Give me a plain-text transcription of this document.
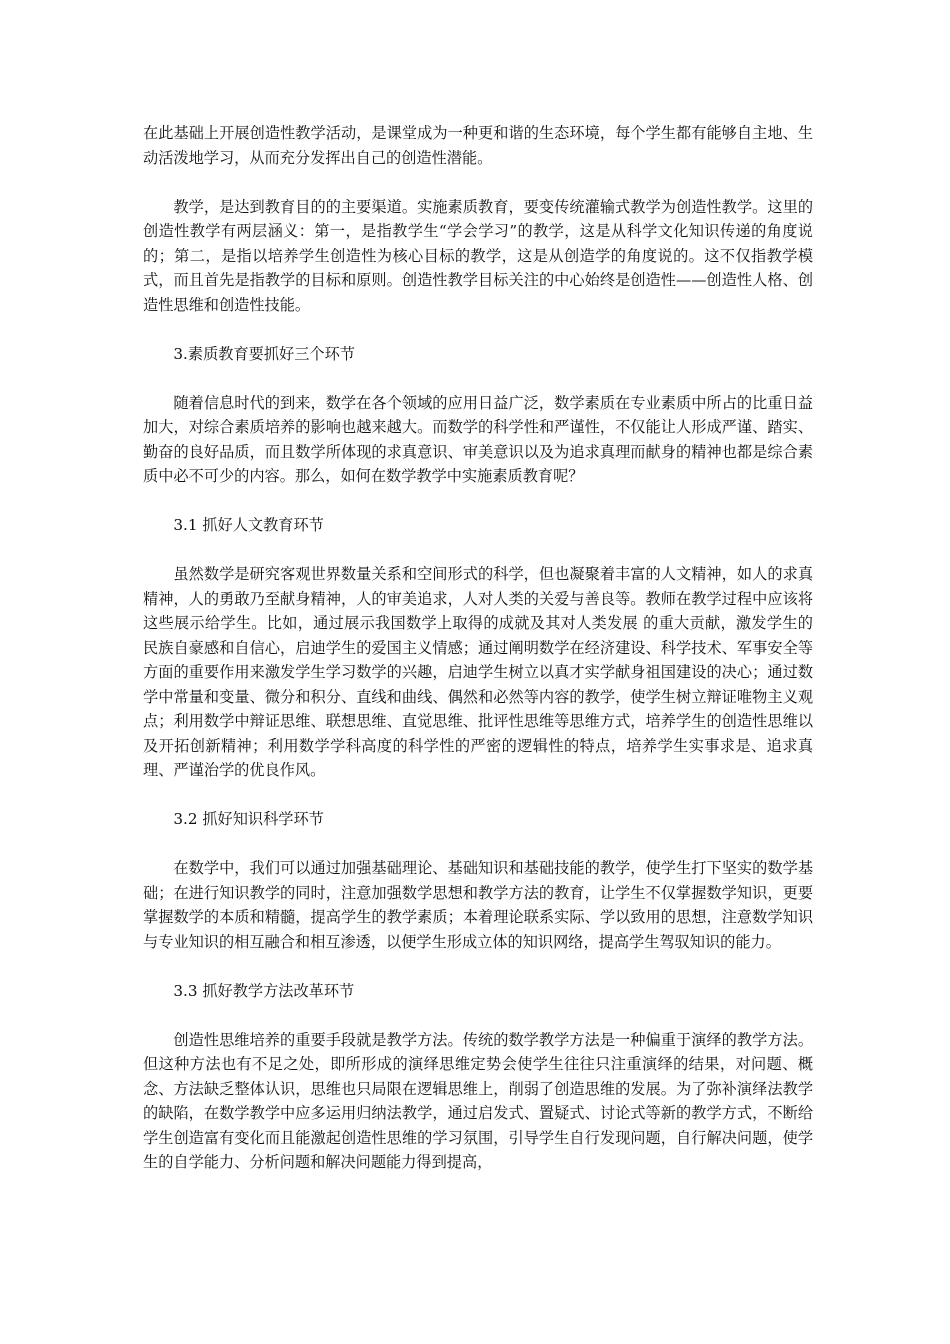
在此基础上开展创造性教学活动，是课堂成为一种更和谐的生态环境，每个学生都有能够自主地、生动活泼地学习，从而充分发挥出自己的创造性潜能。

教学，是达到教育目的的主要渠道。实施素质教育，要变传统灌输式教学为创造性教学。这里的创造性教学有两层涵义：第一，是指教学生“学会学习”的教学，这是从科学文化知识传递的角度说的；第二，是指以培养学生创造性为核心目标的教学，这是从创造学的角度说的。这不仅指教学模式，而且首先是指教学的目标和原则。创造性教学目标关注的中心始终是创造性——创造性人格、创造性思维和创造性技能。

3.素质教育要抓好三个环节

随着信息时代的到来，数学在各个领域的应用日益广泛，数学素质在专业素质中所占的比重日益加大，对综合素质培养的影响也越来越大。而数学的科学性和严谨性，不仅能让人形成严谨、踏实、勤奋的良好品质，而且数学所体现的求真意识、审美意识以及为追求真理而献身的精神也都是综合素质中必不可少的内容。那么，如何在数学教学中实施素质教育呢？

3.1 抓好人文教育环节

虽然数学是研究客观世界数量关系和空间形式的科学，但也凝聚着丰富的人文精神，如人的求真精神，人的勇敢乃至献身精神，人的审美追求，人对人类的关爱与善良等。教师在教学过程中应该将这些展示给学生。比如，通过展示我国数学上取得的成就及其对人类发展 的重大贡献，激发学生的民族自豪感和自信心，启迪学生的爱国主义情感；通过阐明数学在经济建设、科学技术、军事安全等方面的重要作用来激发学生学习数学的兴趣，启迪学生树立以真才实学献身祖国建设的决心；通过数学中常量和变量、微分和积分、直线和曲线、偶然和必然等内容的教学，使学生树立辩证唯物主义观点；利用数学中辩证思维、联想思维、直觉思维、批评性思维等思维方式，培养学生的创造性思维以及开拓创新精神；利用数学学科高度的科学性的严密的逻辑性的特点，培养学生实事求是、追求真理、严谨治学的优良作风。

3.2 抓好知识科学环节

在数学中，我们可以通过加强基础理论、基础知识和基础技能的教学，使学生打下坚实的数学基础；在进行知识教学的同时，注意加强数学思想和教学方法的教育，让学生不仅掌握数学知识，更要掌握数学的本质和精髓，提高学生的教学素质；本着理论联系实际、学以致用的思想，注意数学知识与专业知识的相互融合和相互渗透，以便学生形成立体的知识网络，提高学生驾驭知识的能力。

3.3 抓好教学方法改革环节

创造性思维培养的重要手段就是教学方法。传统的数学教学方法是一种偏重于演绎的教学方法。但这种方法也有不足之处，即所形成的演绎思维定势会使学生往往只注重演绎的结果，对问题、概念、方法缺乏整体认识，思维也只局限在逻辑思维上，削弱了创造思维的发展。为了弥补演绎法教学的缺陷，在数学教学中应多运用归纳法教学，通过启发式、置疑式、讨论式等新的教学方式，不断给学生创造富有变化而且能激起创造性思维的学习氛围，引导学生自行发现问题，自行解决问题，使学生的自学能力、分析问题和解决问题能力得到提高，
